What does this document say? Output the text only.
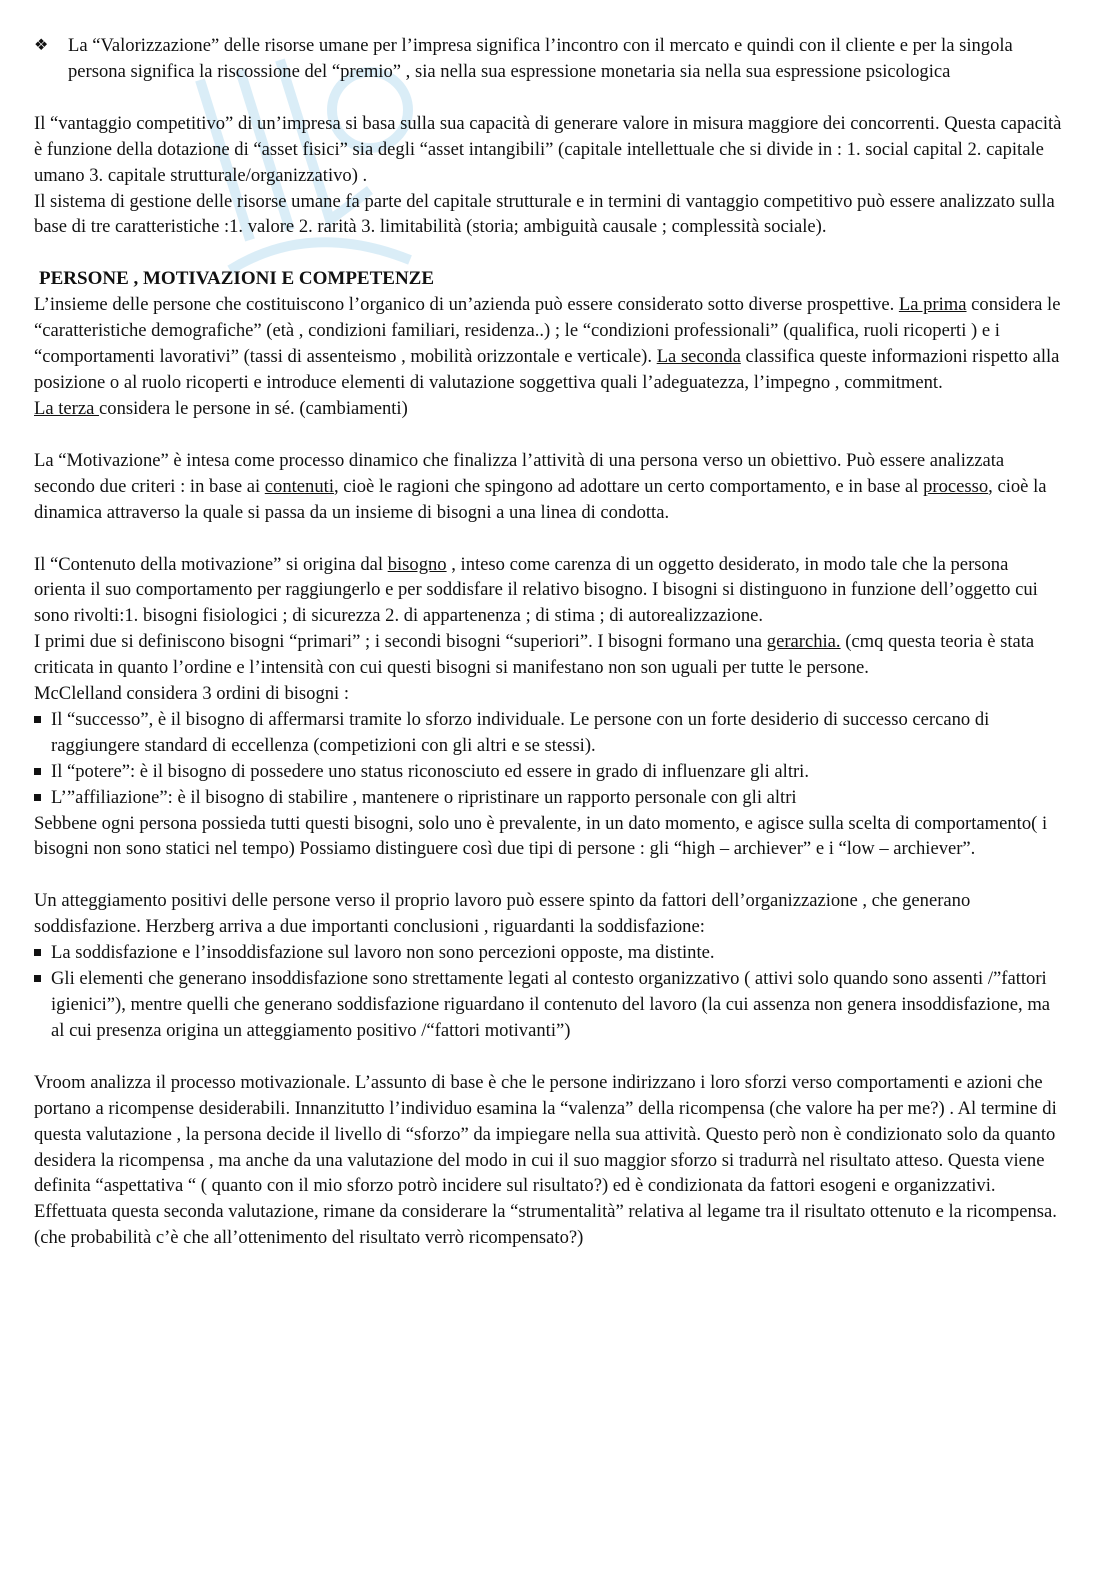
❖ La “Valorizzazione” delle risorse umane per l’impresa significa l’incontro con il mercato e quindi con il cliente e per la singola persona significa la riscossione del “premio” , sia nella sua espressione monetaria sia nella sua espressione psicologica

Il “vantaggio competitivo” di un’impresa si basa sulla sua capacità di generare valore in misura maggiore dei concorrenti. Questa capacità è funzione della dotazione di “asset fisici” sia degli “asset intangibili” (capitale intellettuale che si divide in : 1. social capital 2. capitale umano 3. capitale strutturale/organizzativo) .

Il sistema di gestione delle risorse umane fa parte del capitale strutturale e in termini di vantaggio competitivo può essere analizzato sulla base di tre caratteristiche :1. valore 2. rarità 3. limitabilità (storia; ambiguità causale ; complessità sociale).

PERSONE , MOTIVAZIONI E COMPETENZE

L’insieme delle persone che costituiscono l’organico di un’azienda può essere considerato sotto diverse prospettive. La prima considera le “caratteristiche demografiche” (età , condizioni familiari, residenza..) ; le “condizioni professionali” (qualifica, ruoli ricoperti ) e i “comportamenti lavorativi” (tassi di assenteismo , mobilità orizzontale e verticale). La seconda classifica queste informazioni rispetto alla posizione o al ruolo ricoperti e introduce elementi di valutazione soggettiva quali l’adeguatezza, l’impegno , commitment.
La terza considera le persone in sé. (cambiamenti)

La “Motivazione” è intesa come processo dinamico che finalizza l’attività di una persona verso un obiettivo. Può essere analizzata secondo due criteri : in base ai contenuti, cioè le ragioni che spingono ad adottare un certo comportamento, e in base al processo, cioè la dinamica attraverso la quale si passa da un insieme di bisogni a una linea di condotta.

Il “Contenuto della motivazione” si origina dal bisogno , inteso come carenza di un oggetto desiderato, in modo tale che la persona orienta il suo comportamento per raggiungerlo e per soddisfare il relativo bisogno. I bisogni si distinguono in funzione dell’oggetto cui sono rivolti:1. bisogni fisiologici ; di sicurezza 2. di appartenenza ; di stima ; di autorealizzazione.

I primi due si definiscono bisogni “primari” ; i secondi bisogni “superiori”. I bisogni formano una gerarchia. (cmq questa teoria è stata criticata in quanto l’ordine e l’intensità con cui questi bisogni si manifestano non son uguali per tutte le persone.

McClelland considera 3 ordini di bisogni :

Il “successo”, è il bisogno di affermarsi tramite lo sforzo individuale. Le persone con un forte desiderio di successo cercano di raggiungere standard di eccellenza (competizioni con gli altri e se stessi).
Il “potere”: è il bisogno di possedere uno status riconosciuto ed essere in grado di influenzare gli altri.
L’”affiliazione”: è il bisogno di stabilire , mantenere o ripristinare un rapporto personale con gli altri

Sebbene ogni persona possieda tutti questi bisogni, solo uno è prevalente, in un dato momento, e agisce sulla scelta di comportamento( i bisogni non sono statici nel tempo) Possiamo distinguere così due tipi di persone : gli “high – archiever” e i “low – archiever”.

Un atteggiamento positivi delle persone verso il proprio lavoro può essere spinto da fattori dell’organizzazione , che generano soddisfazione. Herzberg arriva a due importanti conclusioni , riguardanti la soddisfazione:

La soddisfazione e l’insoddisfazione sul lavoro non sono percezioni opposte, ma distinte.
Gli elementi che generano insoddisfazione sono strettamente legati al contesto organizzativo ( attivi solo quando sono assenti /”fattori igienici”), mentre quelli che generano soddisfazione riguardano il contenuto del lavoro (la cui assenza non genera insoddisfazione, ma al cui presenza origina un atteggiamento positivo /“fattori motivanti”)

Vroom analizza il processo motivazionale. L’assunto di base è che le persone indirizzano i loro sforzi verso comportamenti e azioni che portano a ricompense desiderabili. Innanzitutto l’individuo esamina la “valenza” della ricompensa (che valore ha per me?) . Al termine di questa valutazione , la persona decide il livello di “sforzo” da impiegare nella sua attività. Questo però non è condizionato solo da quanto desidera la ricompensa , ma anche da una valutazione del modo in cui il suo maggior sforzo si tradurrà nel risultato atteso. Questa viene definita “aspettativa “ ( quanto con il mio sforzo potrò incidere sul risultato?) ed è condizionata da fattori esogeni e organizzativi. Effettuata questa seconda valutazione, rimane da considerare la “strumentalità” relativa al legame tra il risultato ottenuto e la ricompensa. (che probabilità c’è che all’ottenimento del risultato verrò ricompensato?)
